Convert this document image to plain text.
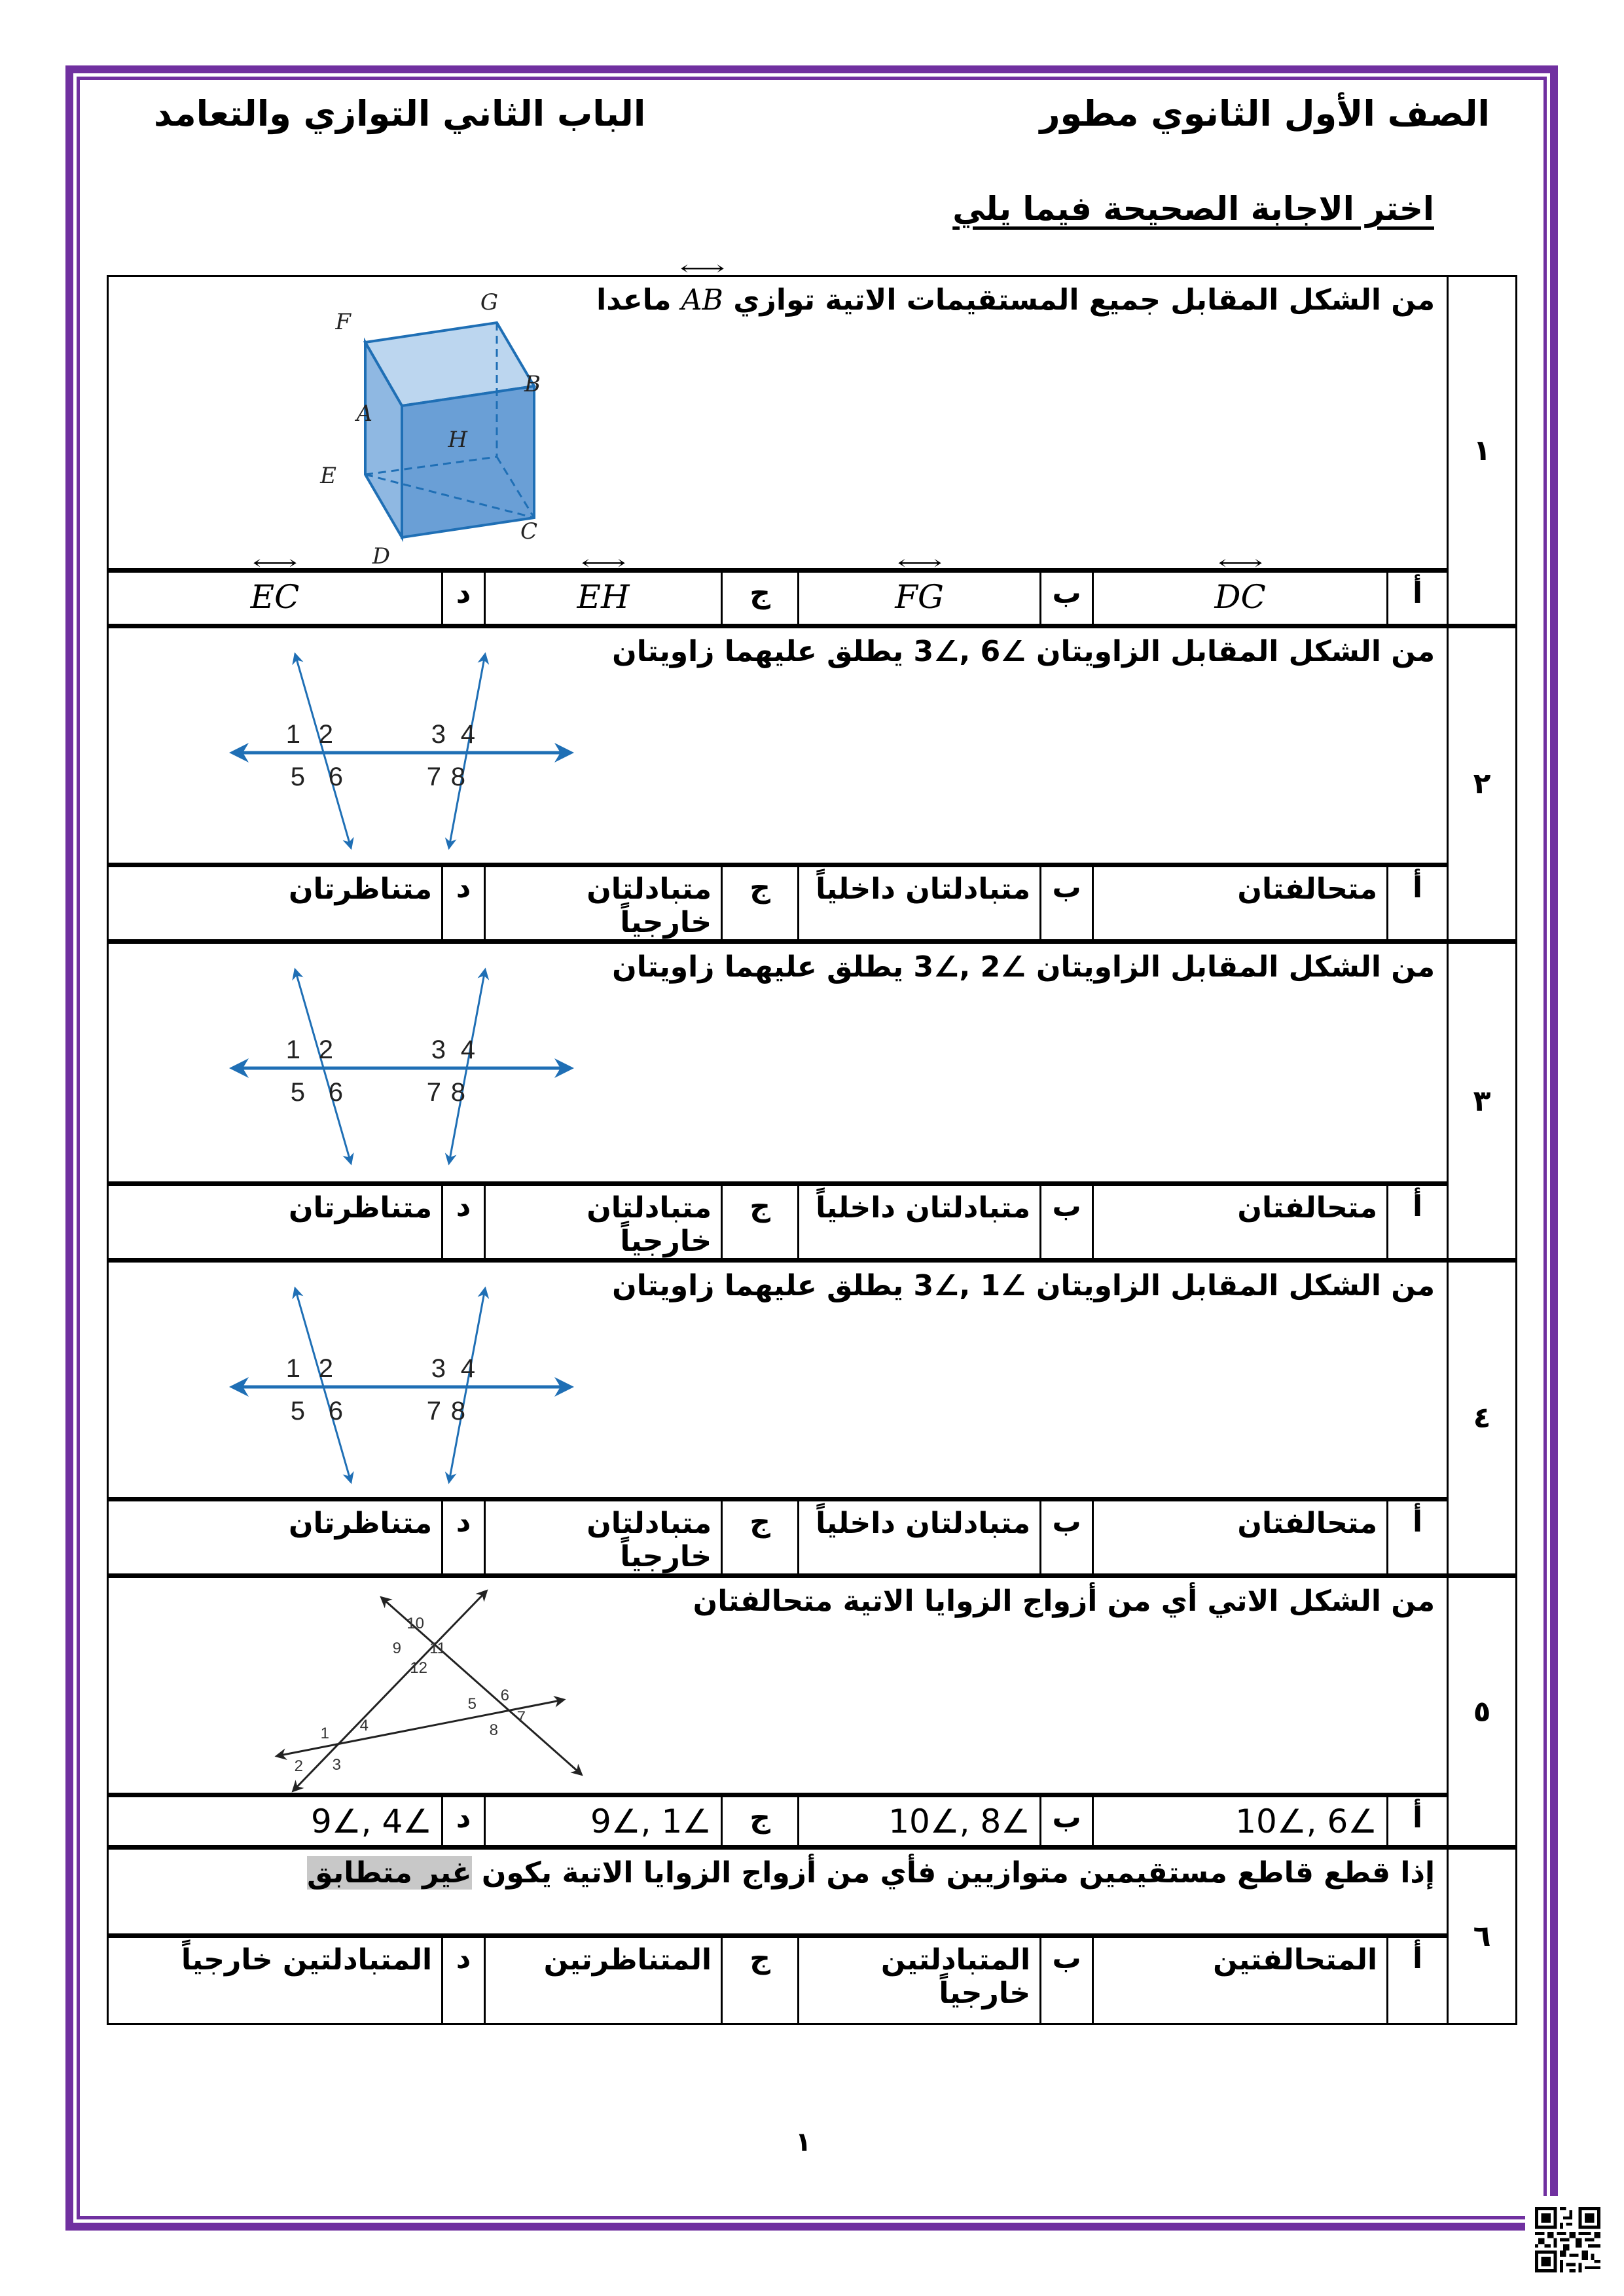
الصف الأول الثانوي مطور
الباب الثاني التوازي والتعامد
اختر الاجابة الصحيحة فيما يلي
١	
من الشكل المقابل جميع المستقيمات الاتية توازي ⟷ AB ماعدا
F
G
B
A
H
E
C
D

	أ	⟷ DC	ب	⟷ FG	ج	⟷ EH	د	⟷ EC
٢	
من الشكل المقابل الزاويتان ∠6 ,∠3 يطلق عليهما زاويتان
1 2	3 4
5 6	7 8

	أ	متحالفتان	ب	متبادلتان داخلياً	ج	متبادلتان خارجياً	د	متناظرتان
٣	
من الشكل المقابل الزاويتان ∠2 ,∠3 يطلق عليهما زاويتان
1 2	3 4
5 6	7 8

	أ	متحالفتان	ب	متبادلتان داخلياً	ج	متبادلتان خارجياً	د	متناظرتان
٤	
من الشكل المقابل الزاويتان ∠1 ,∠3 يطلق عليهما زاويتان
1 2	3 4
5 6	7 8

	أ	متحالفتان	ب	متبادلتان داخلياً	ج	متبادلتان خارجياً	د	متناظرتان
٥	
من الشكل الاتي أي من أزواج الزوايا الاتية متحالفتان
1
2 3
4
5 6
7
8
9
10
11
12

	أ	∠6 ,∠10	ب	∠8 ,∠10	ج	∠1 ,∠9	د	∠4 ,∠9
٦	إذا قطع قاطع مستقيمين متوازيين فأي من أزواج الزوايا الاتية يكون غير متطابق							

	أ	المتحالفتين	ب	المتبادلتين خارجياً	ج	المتناظرتين	د	المتبادلتين خارجياً
١
